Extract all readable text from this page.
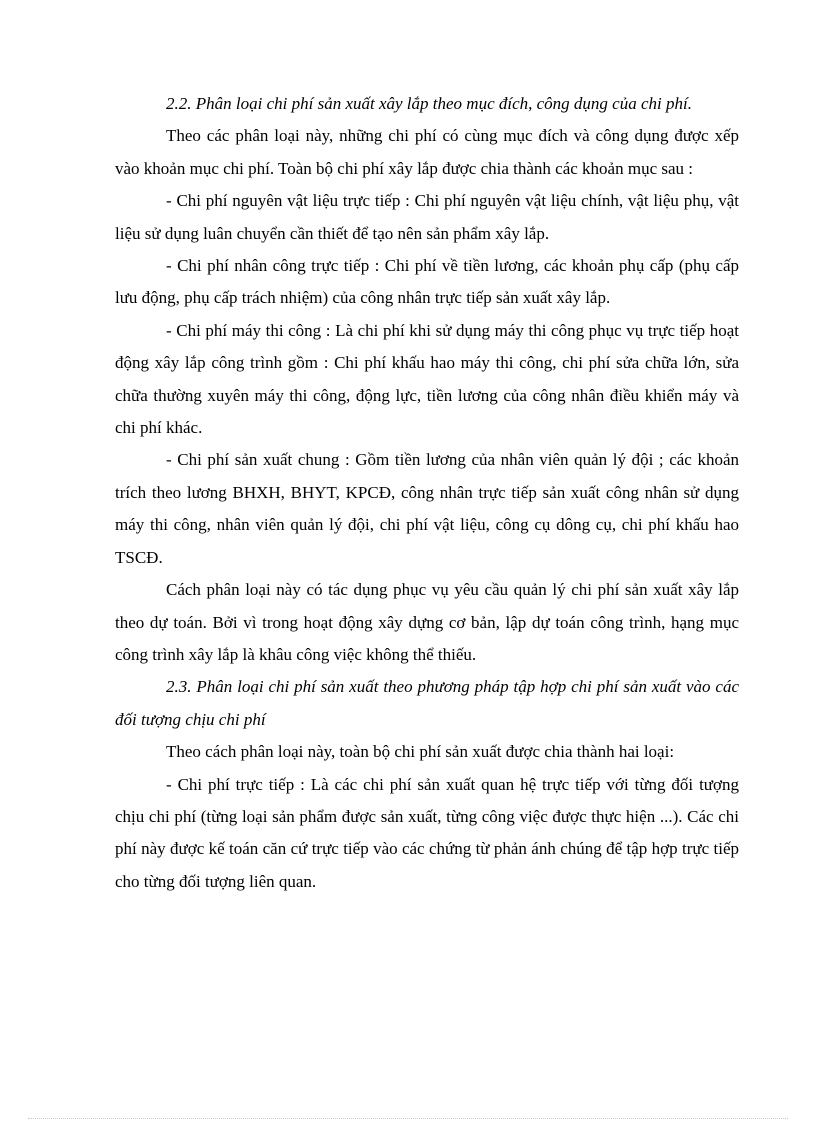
2.2. Phân loại chi phí sản xuất xây lắp theo mục đích, công dụng của chi phí.

Theo các phân loại này, những chi phí có cùng mục đích và công dụng được xếp vào khoản mục chi phí. Toàn bộ chi phí xây lắp được chia thành các khoản mục sau :

- Chi phí nguyên vật liệu trực tiếp : Chi phí nguyên vật liệu chính, vật liệu phụ, vật liệu sử dụng luân chuyển cần thiết để tạo nên sản phẩm xây lắp.

- Chi phí nhân công trực tiếp : Chi phí về tiền lương, các khoản phụ cấp (phụ cấp lưu động, phụ cấp trách nhiệm) của công nhân trực tiếp sản xuất xây lắp.

- Chi phí máy thi công : Là chi phí khi sử dụng máy thi công phục vụ trực tiếp hoạt động xây lắp công trình gồm : Chi phí khấu hao máy thi công, chi phí sửa chữa lớn, sửa chữa thường xuyên máy thi công, động lực, tiền lương của công nhân điều khiển máy và chi phí khác.

- Chi phí sản xuất chung : Gồm tiền lương của nhân viên quản lý đội ; các khoản trích theo lương BHXH, BHYT, KPCĐ, công nhân trực tiếp sản xuất công nhân sử dụng máy thi công, nhân viên quản lý đội, chi phí vật liệu, công cụ dông cụ, chi phí khấu hao TSCĐ.

Cách phân loại này có tác dụng phục vụ yêu cầu quản lý chi phí sản xuất xây lắp theo dự toán. Bởi vì trong hoạt động xây dựng cơ bản, lập dự toán công trình, hạng mục công trình xây lắp là khâu công việc không thể thiếu.

2.3. Phân loại chi phí sản xuất theo phương pháp tập hợp chi phí sản xuất vào các đối tượng chịu chi phí

Theo cách phân loại này, toàn bộ chi phí sản xuất được chia thành hai loại:

- Chi phí trực tiếp : Là các chi phí sản xuất quan hệ trực tiếp với từng đối tượng chịu chi phí (từng loại sản phẩm được sản xuất, từng công việc được thực hiện ...). Các chi phí này được kế toán căn cứ trực tiếp vào các chứng từ phản ánh chúng để tập hợp trực tiếp cho từng đối tượng liên quan.
